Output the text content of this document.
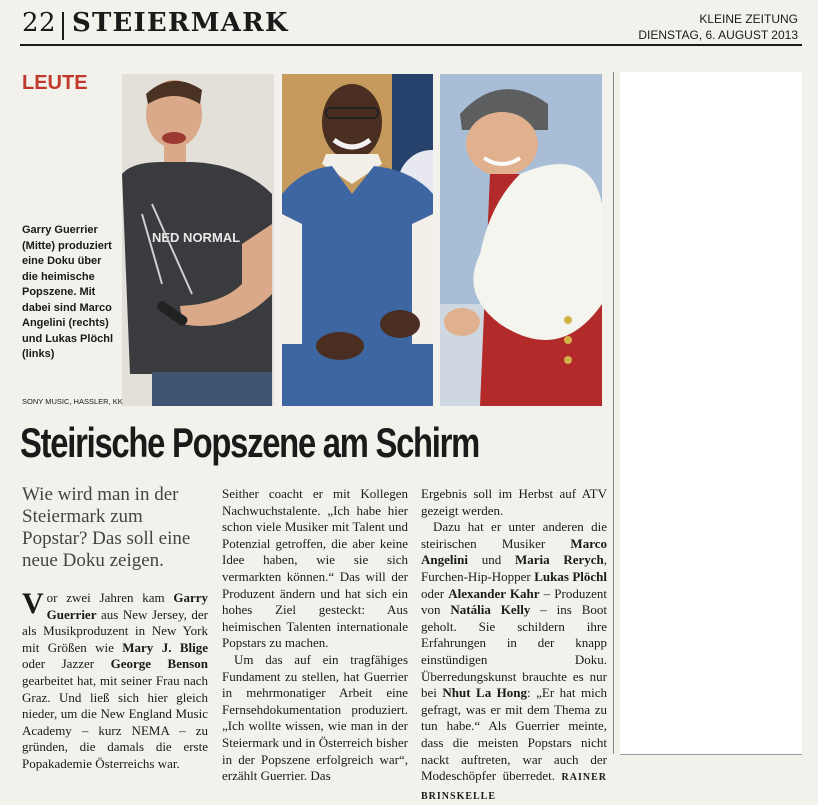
22 STEIERMARK	KLEINE ZEITUNG
DIENSTAG, 6. AUGUST 2013
LEUTE
NED NORMAL
Garry Guerrier (Mitte) produziert eine Doku über die heimische Popszene. Mit dabei sind Marco Angelini (rechts) und Lukas Plöchl (links)
SONY MUSIC, HASSLER, KK
Steirische Popszene am Schirm
Wie wird man in der Steiermark zum Popstar? Das soll eine neue Doku zeigen.

Vor zwei Jahren kam Garry Guerrier aus New Jersey, der als Musikproduzent in New York mit Größen wie Mary J. Blige oder Jazzer George Benson gearbeitet hat, mit seiner Frau nach Graz. Und ließ sich hier gleich nieder, um die New England Music Academy – kurz NEMA – zu gründen, die damals die erste Popakademie Österreichs war.

Seither coacht er mit Kollegen Nachwuchstalente. „Ich habe hier schon viele Musiker mit Talent und Potenzial getroffen, die aber keine Idee haben, wie sie sich vermarkten können.“ Das will der Produzent ändern und hat sich ein hohes Ziel gesteckt: Aus heimischen Talenten internationale Popstars zu machen.

Um das auf ein tragfähiges Fundament zu stellen, hat Guerrier in mehrmonatiger Arbeit eine Fernsehdokumentation produziert. „Ich wollte wissen, wie man in der Steiermark und in Österreich bisher in der Popszene erfolgreich war“, erzählt Guerrier. Das

Ergebnis soll im Herbst auf ATV gezeigt werden.

Dazu hat er unter anderen die steirischen Musiker Marco Angelini und Maria Rerych, Furchen-Hip-Hopper Lukas Plöchl oder Alexander Kahr – Produzent von Natália Kelly – ins Boot geholt. Sie schildern ihre Erfahrungen in der knapp einstündigen Doku. Überredungskunst brauchte es nur bei Nhut La Hong: „Er hat mich gefragt, was er mit dem Thema zu tun habe.“ Als Guerrier meinte, dass die meisten Popstars nicht nackt auftreten, war auch der Modeschöpfer überredet. RAINER BRINSKELLE
